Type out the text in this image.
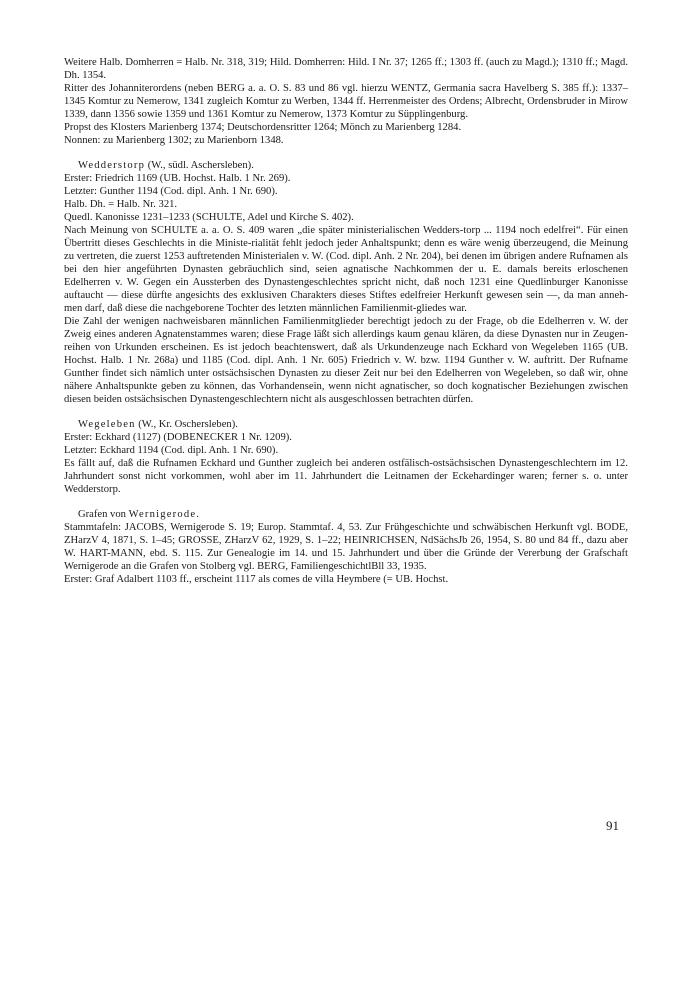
Weitere Halb. Domherren = Halb. Nr. 318, 319; Hild. Domherren: Hild. I Nr. 37; 1265 ff.; 1303 ff. (auch zu Magd.); 1310 ff.; Magd. Dh. 1354.

Ritter des Johanniterordens (neben BERG a. a. O. S. 83 und 86 vgl. hierzu WENTZ, Germania sacra Havelberg S. 385 ff.): 1337–1345 Komtur zu Nemerow, 1341 zugleich Komtur zu Werben, 1344 ff. Herrenmeister des Ordens; Albrecht, Ordensbruder in Mirow 1339, dann 1356 sowie 1359 und 1361 Komtur zu Nemerow, 1373 Komtur zu Süpplingenburg.

Propst des Klosters Marienberg 1374; Deutschordensritter 1264; Mönch zu Marienberg 1284.

Nonnen: zu Marienberg 1302; zu Marienborn 1348.

Wedderstorp (W., südl. Aschersleben).

Erster: Friedrich 1169 (UB. Hochst. Halb. 1 Nr. 269).

Letzter: Gunther 1194 (Cod. dipl. Anh. 1 Nr. 690).

Halb. Dh. = Halb. Nr. 321.

Quedl. Kanonisse 1231–1233 (SCHULTE, Adel und Kirche S. 402).

Nach Meinung von SCHULTE a. a. O. S. 409 waren „die später ministerialischen Wedders-torp ... 1194 noch edelfrei“. Für einen Übertritt dieses Geschlechts in die Ministe-rialität fehlt jedoch jeder Anhaltspunkt; denn es wäre wenig überzeugend, die Meinung zu vertreten, die zuerst 1253 auftretenden Ministerialen v. W. (Cod. dipl. Anh. 2 Nr. 204), bei denen im übrigen andere Rufnamen als bei den hier angeführten Dynasten gebräuchlich sind, seien agnatische Nachkommen der u. E. damals bereits erloschenen Edelherren v. W. Gegen ein Aussterben des Dynastengeschlechtes spricht nicht, daß noch 1231 eine Quedlinburger Kanonisse auftaucht — diese dürfte angesichts des exklusiven Charakters dieses Stiftes edelfreier Herkunft gewesen sein —, da man anneh-men darf, daß diese die nachgeborene Tochter des letzten männlichen Familienmit-gliedes war.

Die Zahl der wenigen nachweisbaren männlichen Familienmitglieder berechtigt jedoch zu der Frage, ob die Edelherren v. W. der Zweig eines anderen Agnatenstammes waren; diese Frage läßt sich allerdings kaum genau klären, da diese Dynasten nur in Zeugen-reihen von Urkunden erscheinen. Es ist jedoch beachtenswert, daß als Urkundenzeuge nach Eckhard von Wegeleben 1165 (UB. Hochst. Halb. 1 Nr. 268a) und 1185 (Cod. dipl. Anh. 1 Nr. 605) Friedrich v. W. bzw. 1194 Gunther v. W. auftritt. Der Rufname Gunther findet sich nämlich unter ostsächsischen Dynasten zu dieser Zeit nur bei den Edelherren von Wegeleben, so daß wir, ohne nähere Anhaltspunkte geben zu können, das Vorhandensein, wenn nicht agnatischer, so doch kognatischer Beziehungen zwischen diesen beiden ostsächsischen Dynastengeschlechtern nicht als ausgeschlossen betrachten dürfen.

Wegeleben (W., Kr. Oschersleben).

Erster: Eckhard (1127) (DOBENECKER 1 Nr. 1209).

Letzter: Eckhard 1194 (Cod. dipl. Anh. 1 Nr. 690).

Es fällt auf, daß die Rufnamen Eckhard und Gunther zugleich bei anderen ostfälisch-ostsächsischen Dynastengeschlechtern im 12. Jahrhundert sonst nicht vorkommen, wohl aber im 11. Jahrhundert die Leitnamen der Eckehardinger waren; ferner s. o. unter Wedderstorp.

Grafen von Wernigerode.

Stammtafeln: JACOBS, Wernigerode S. 19; Europ. Stammtaf. 4, 53. Zur Frühgeschichte und schwäbischen Herkunft vgl. BODE, ZHarzV 4, 1871, S. 1–45; GROSSE, ZHarzV 62, 1929, S. 1–22; HEINRICHSEN, NdSächsJb 26, 1954, S. 80 und 84 ff., dazu aber W. HART-MANN, ebd. S. 115. Zur Genealogie im 14. und 15. Jahrhundert und über die Gründe der Vererbung der Grafschaft Wernigerode an die Grafen von Stolberg vgl. BERG, FamiliengeschichtlBll 33, 1935.

Erster: Graf Adalbert 1103 ff., erscheint 1117 als comes de villa Heymbere (= UB. Hochst.

91
